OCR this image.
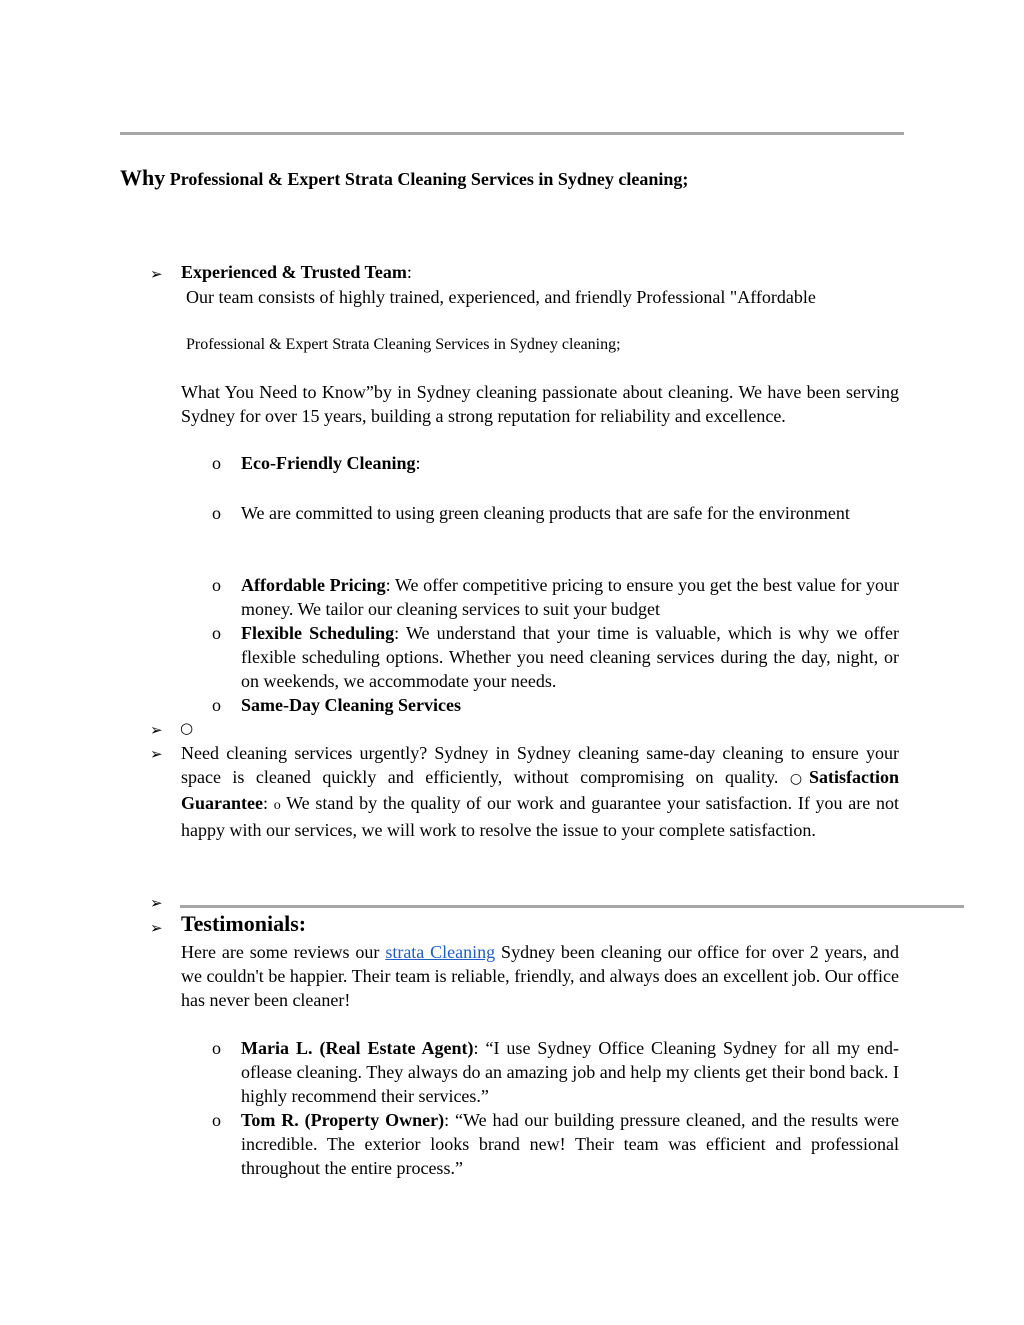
Why Professional & Expert Strata Cleaning Services in Sydney cleaning;
➢ Experienced & Trusted Team:
Our team consists of highly trained, experienced, and friendly Professional "Affordable
Professional & Expert Strata Cleaning Services in Sydney cleaning;
What You Need to Know”by in Sydney cleaning passionate about cleaning. We have been serving Sydney for over 15 years, building a strong reputation for reliability and excellence.
o Eco-Friendly Cleaning:
o We are committed to using green cleaning products that are safe for the environment
o Affordable Pricing: We offer competitive pricing to ensure you get the best value for your money. We tailor our cleaning services to suit your budget
o Flexible Scheduling: We understand that your time is valuable, which is why we offer flexible scheduling options. Whether you need cleaning services during the day, night, or on weekends, we accommodate your needs.
o Same-Day Cleaning Services
➢ ○
➢ Need cleaning services urgently? Sydney in Sydney cleaning same-day cleaning to ensure your space is cleaned quickly and efficiently, without compromising on quality. ○Satisfaction Guarantee: o We stand by the quality of our work and guarantee your satisfaction. If you are not happy with our services, we will work to resolve the issue to your complete satisfaction.
➢
➢ Testimonials:
Here are some reviews our strata Cleaning Sydney been cleaning our office for over 2 years, and we couldn't be happier. Their team is reliable, friendly, and always does an excellent job. Our office has never been cleaner!
o Maria L. (Real Estate Agent): “I use Sydney Office Cleaning Sydney for all my end-oflease cleaning. They always do an amazing job and help my clients get their bond back. I highly recommend their services.”
o Tom R. (Property Owner): “We had our building pressure cleaned, and the results were incredible. The exterior looks brand new! Their team was efficient and professional throughout the entire process.”
